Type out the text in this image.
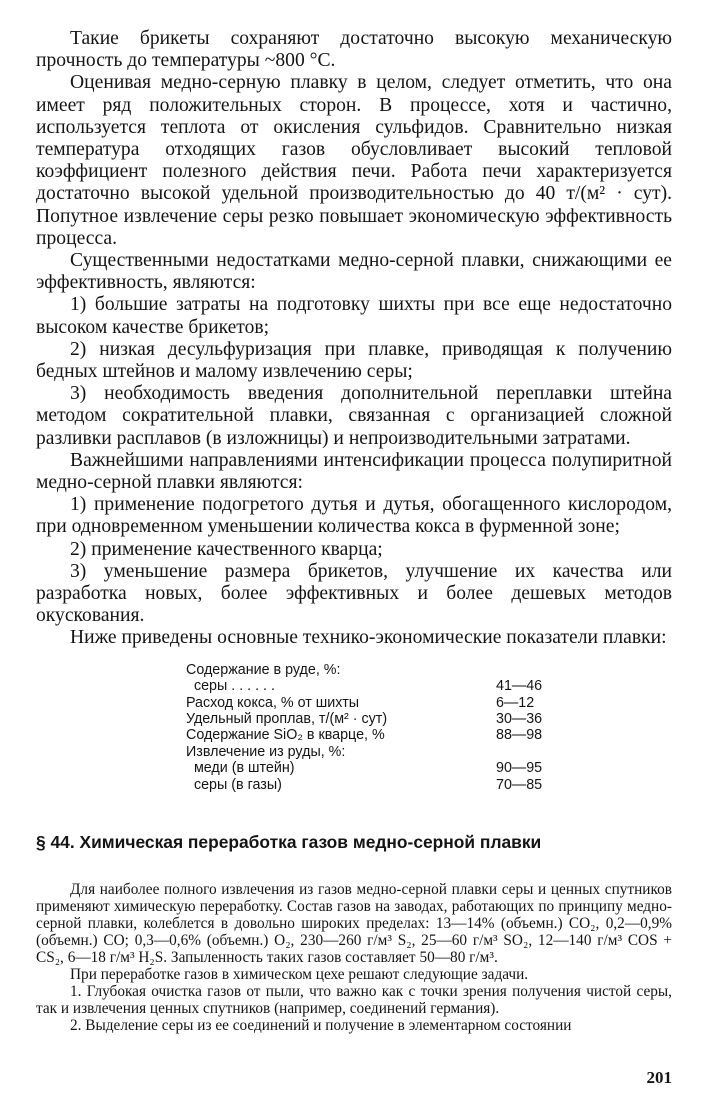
Такие брикеты сохраняют достаточно высокую механическую прочность до температуры ~800 °С.

Оценивая медно-серную плавку в целом, следует отметить, что она имеет ряд положительных сторон. В процессе, хотя и частично, используется теплота от окисления сульфидов. Сравнительно низкая температура отходящих газов обусловливает высокий тепловой коэффициент полезного действия печи. Работа печи характеризуется достаточно высокой удельной производительностью до 40 т/(м² · сут). Попутное извлечение серы резко повышает экономическую эффективность процесса.

Существенными недостатками медно-серной плавки, снижающими ее эффективность, являются:

1) большие затраты на подготовку шихты при все еще недостаточно высоком качестве брикетов;

2) низкая десульфуризация при плавке, приводящая к получению бедных штейнов и малому извлечению серы;

3) необходимость введения дополнительной переплавки штейна методом сократительной плавки, связанная с организацией сложной разливки расплавов (в изложницы) и непроизводительными затратами.

Важнейшими направлениями интенсификации процесса полупиритной медно-серной плавки являются:

1) применение подогретого дутья и дутья, обогащенного кислородом, при одновременном уменьшении количества кокса в фурменной зоне;

2) применение качественного кварца;

3) уменьшение размера брикетов, улучшение их качества или разработка новых, более эффективных и более дешевых методов окускования.

Ниже приведены основные технико-экономические показатели плавки:

Содержание в руде, %:
серы . . . . . .	41—46
Расход кокса, % от шихты	6—12
Удельный проплав, т/(м² · сут)	30—36
Содержание SiO₂ в кварце, %	88—98
Извлечение из руды, %:
меди (в штейн)	90—95
серы (в газы)	70—85
§ 44. Химическая переработка газов медно-серной плавки

Для наиболее полного извлечения из газов медно-серной плавки серы и ценных спутников применяют химическую переработку. Состав газов на заводах, работающих по принципу медно-серной плавки, колеблется в довольно широких пределах: 13—14% (объемн.) CO₂, 0,2—0,9% (объемн.) CO; 0,3—0,6% (объемн.) O₂, 230—260 г/м³ S₂, 25—60 г/м³ SO₂, 12—140 г/м³ COS + CS₂, 6—18 г/м³ H₂S. Запыленность таких газов составляет 50—80 г/м³.

При переработке газов в химическом цехе решают следующие задачи.

1. Глубокая очистка газов от пыли, что важно как с точки зрения получения чистой серы, так и извлечения ценных спутников (например, соединений германия).

2. Выделение серы из ее соединений и получение в элементарном состоянии

201
